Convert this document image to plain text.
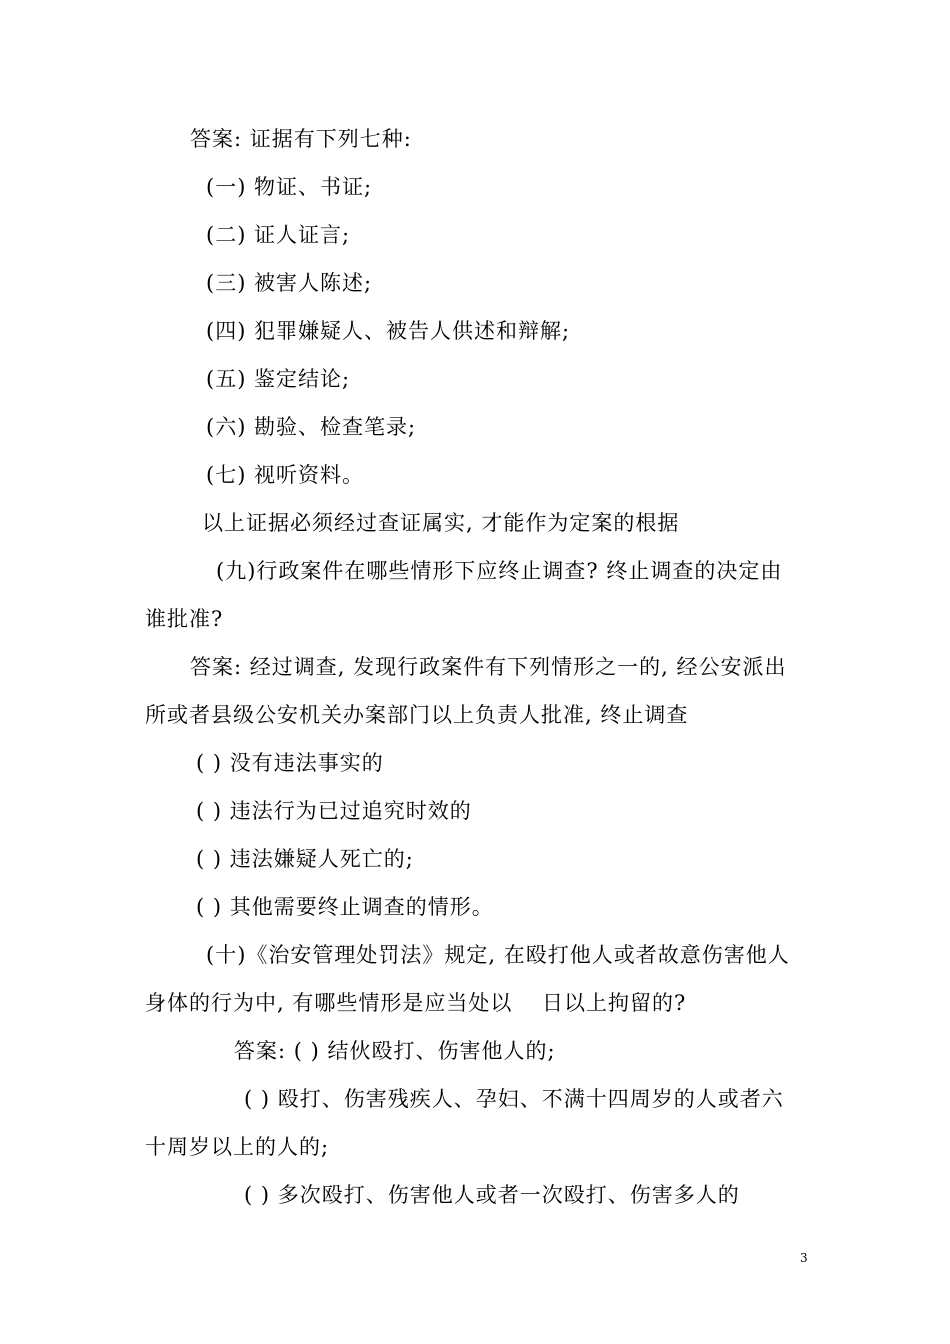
答案: 证据有下列七种:
(一) 物证、书证;
(二) 证人证言;
(三) 被害人陈述;
(四) 犯罪嫌疑人、被告人供述和辩解;
(五) 鉴定结论;
(六) 勘验、检查笔录;
(七) 视听资料。
以上证据必须经过查证属实, 才能作为定案的根据
(九)行政案件在哪些情形下应终止调查? 终止调查的决定由
谁批准?
答案: 经过调查, 发现行政案件有下列情形之一的, 经公安派出
所或者县级公安机关办案部门以上负责人批准, 终止调查
( ) 没有违法事实的
( ) 违法行为已过追究时效的
( ) 违法嫌疑人死亡的;
( ) 其他需要终止调查的情形。
(十)《治安管理处罚法》规定, 在殴打他人或者故意伤害他人
身体的行为中, 有哪些情形是应当处以　 日以上拘留的?
答案: ( ) 结伙殴打、伤害他人的;
( ) 殴打、伤害残疾人、孕妇、不满十四周岁的人或者六
十周岁以上的人的;
( ) 多次殴打、伤害他人或者一次殴打、伤害多人的
3
